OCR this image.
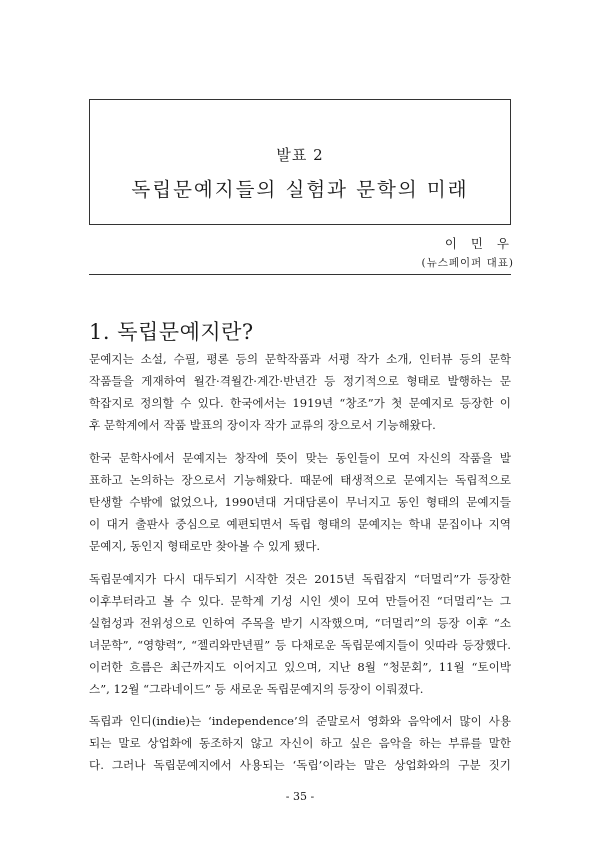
발표 2
독립문예지들의 실험과 문학의 미래
이 민 우
(뉴스페이퍼 대표)
1. 독립문예지란?
문예지는 소설, 수필, 평론 등의 문학작품과 서평 작가 소개, 인터뷰 등의 문학
작품들을 게재하여 월간·격월간·계간·반년간 등 정기적으로 형태로 발행하는 문
학잡지로 정의할 수 있다. 한국에서는 1919년 “창조”가 첫 문예지로 등장한 이
후 문학계에서 작품 발표의 장이자 작가 교류의 장으로서 기능해왔다.
한국 문학사에서 문예지는 창작에 뜻이 맞는 동인들이 모여 자신의 작품을 발
표하고 논의하는 장으로서 기능해왔다. 때문에 태생적으로 문예지는 독립적으로
탄생할 수밖에 없었으나, 1990년대 거대담론이 무너지고 동인 형태의 문예지들
이 대거 출판사 중심으로 예편되면서 독립 형태의 문예지는 학내 문집이나 지역
문예지, 동인지 형태로만 찾아볼 수 있게 됐다.
독립문예지가 다시 대두되기 시작한 것은 2015년 독립잡지 “더멀리”가 등장한
이후부터라고 볼 수 있다. 문학계 기성 시인 셋이 모여 만들어진 “더멀리”는 그
실험성과 전위성으로 인하여 주목을 받기 시작했으며, “더멀리”의 등장 이후 “소
녀문학”, “영향력”, “젤리와만년필” 등 다채로운 독립문예지들이 잇따라 등장했다.
이러한 흐름은 최근까지도 이어지고 있으며, 지난 8월 “청문회”, 11월 “토이박
스”, 12월 “그라네이드” 등 새로운 독립문예지의 등장이 이뤄졌다.
독립과 인디(indie)는 ‘independence’의 준말로서 영화와 음악에서 많이 사용
되는 말로 상업화에 동조하지 않고 자신이 하고 싶은 음악을 하는 부류를 말한
다. 그러나 독립문예지에서 사용되는 ‘독립’이라는 말은 상업화와의 구분 짓기
- 35 -
